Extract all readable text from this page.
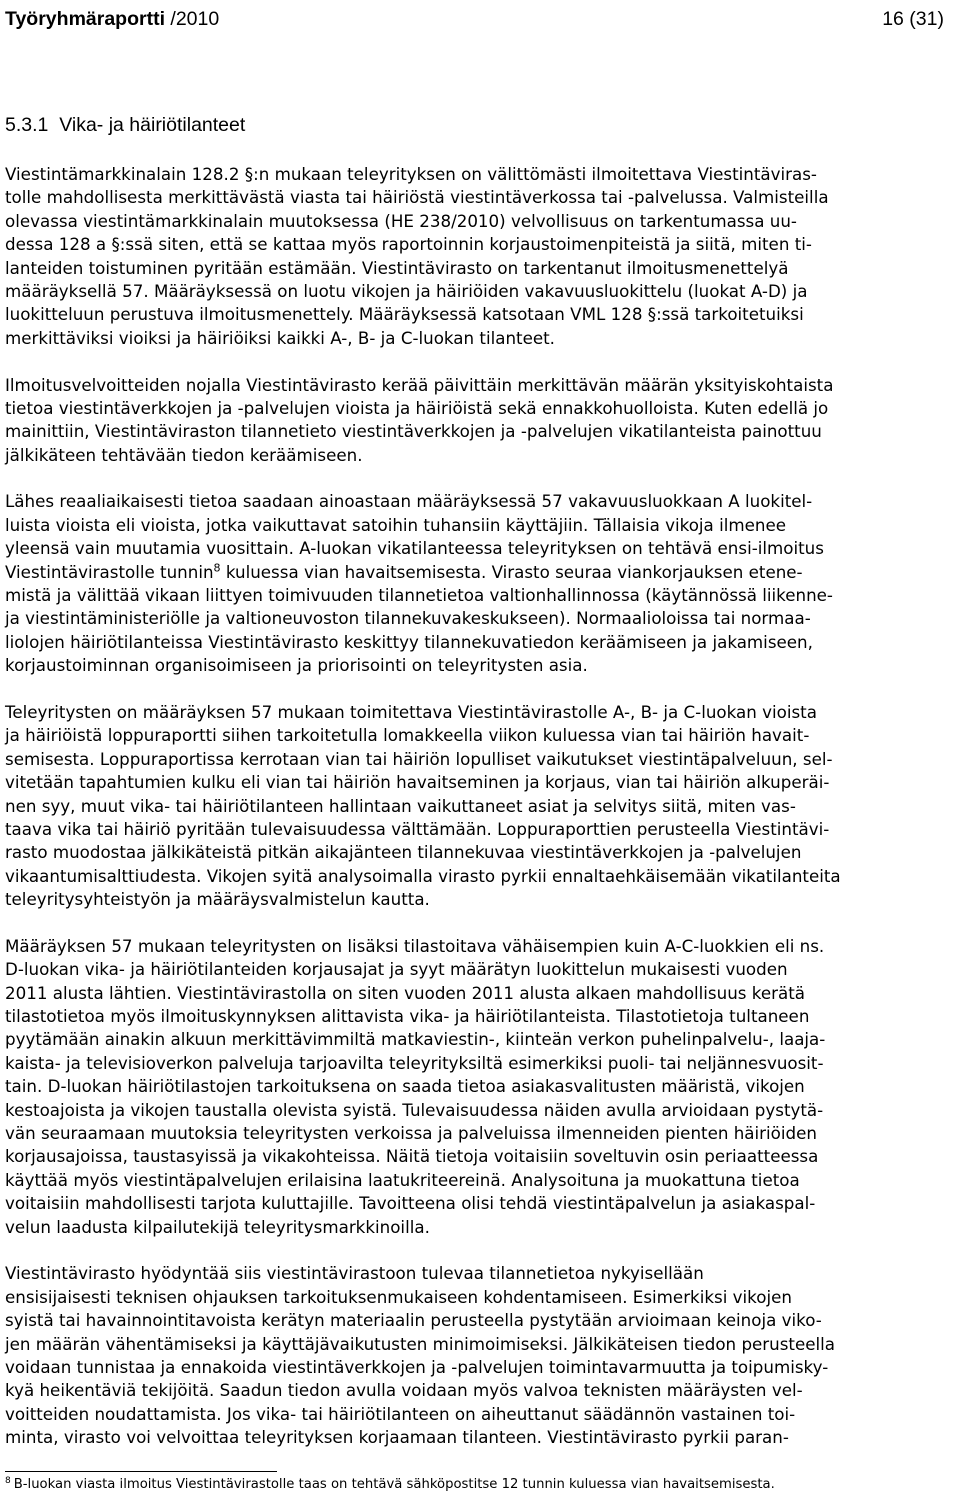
Työryhmäraportti /2010	16 (31)
5.3.1  Vika- ja häiriötilanteet
Viestintämarkkinalain 128.2 §:n mukaan teleyrityksen on välittömästi ilmoitettava Viestintäviras-
tolle mahdollisesta merkittävästä viasta tai häiriöstä viestintäverkossa tai -palvelussa. Valmisteilla
olevassa viestintämarkkinalain muutoksessa (HE 238/2010) velvollisuus on tarkentumassa uu-
dessa 128 a §:ssä siten, että se kattaa myös raportoinnin korjaustoimenpiteistä ja siitä, miten ti-
lanteiden toistuminen pyritään estämään. Viestintävirasto on tarkentanut ilmoitusmenettelyä
määräyksellä 57. Määräyksessä on luotu vikojen ja häiriöiden vakavuusluokittelu (luokat A-D) ja
luokitteluun perustuva ilmoitusmenettely. Määräyksessä katsotaan VML 128 §:ssä tarkoitetuiksi
merkittäviksi vioiksi ja häiriöiksi kaikki A-, B- ja C-luokan tilanteet.
Ilmoitusvelvoitteiden nojalla Viestintävirasto kerää päivittäin merkittävän määrän yksityiskohtaista
tietoa viestintäverkkojen ja -palvelujen vioista ja häiriöistä sekä ennakkohuolloista. Kuten edellä jo
mainittiin, Viestintäviraston tilannetieto viestintäverkkojen ja -palvelujen vikatilanteista painottuu
jälkikäteen tehtävään tiedon keräämiseen.
Lähes reaaliaikaisesti tietoa saadaan ainoastaan määräyksessä 57 vakavuusluokkaan A luokitel-
luista vioista eli vioista, jotka vaikuttavat satoihin tuhansiin käyttäjiin. Tällaisia vikoja ilmenee
yleensä vain muutamia vuosittain. A-luokan vikatilanteessa teleyrityksen on tehtävä ensi-ilmoitus
Viestintävirastolle tunnin$^8$ kuluessa vian havaitsemisesta. Virasto seuraa viankorjauksen etene-
mistä ja välittää vikaan liittyen toimivuuden tilannetietoa valtionhallinnossa (käytännössä liikenne-
ja viestintäministeriölle ja valtioneuvoston tilannekuvakeskukseen). Normaalioloissa tai normaa-
liolojen häiriötilanteissa Viestintävirasto keskittyy tilannekuvatiedon keräämiseen ja jakamiseen,
korjaustoiminnan organisoimiseen ja priorisointi on teleyritysten asia.
Teleyritysten on määräyksen 57 mukaan toimitettava Viestintävirastolle A-, B- ja C-luokan vioista
ja häiriöistä loppuraportti siihen tarkoitetulla lomakkeella viikon kuluessa vian tai häiriön havait-
semisesta. Loppuraportissa kerrotaan vian tai häiriön lopulliset vaikutukset viestintäpalveluun, sel-
vitetään tapahtumien kulku eli vian tai häiriön havaitseminen ja korjaus, vian tai häiriön alkuperäi-
nen syy, muut vika- tai häiriötilanteen hallintaan vaikuttaneet asiat ja selvitys siitä, miten vas-
taava vika tai häiriö pyritään tulevaisuudessa välttämään. Loppuraporttien perusteella Viestintävi-
rasto muodostaa jälkikäteistä pitkän aikajänteen tilannekuvaa viestintäverkkojen ja -palvelujen
vikaantumisalttiudesta. Vikojen syitä analysoimalla virasto pyrkii ennaltaehkäisemään vikatilanteita
teleyritysyhteistyön ja määräysvalmistelun kautta.
Määräyksen 57 mukaan teleyritysten on lisäksi tilastoitava vähäisempien kuin A-C-luokkien eli ns.
D-luokan vika- ja häiriötilanteiden korjausajat ja syyt määrätyn luokittelun mukaisesti vuoden
2011 alusta lähtien. Viestintävirastolla on siten vuoden 2011 alusta alkaen mahdollisuus kerätä
tilastotietoa myös ilmoituskynnyksen alittavista vika- ja häiriötilanteista. Tilastotietoja tultaneen
pyytämään ainakin alkuun merkittävimmiltä matkaviestin-, kiinteän verkon puhelinpalvelu-, laaja-
kaista- ja televisioverkon palveluja tarjoavilta teleyrityksiltä esimerkiksi puoli- tai neljännesvuosit-
tain. D-luokan häiriötilastojen tarkoituksena on saada tietoa asiakasvalitusten määristä, vikojen
kestoajoista ja vikojen taustalla olevista syistä. Tulevaisuudessa näiden avulla arvioidaan pystytä-
vän seuraamaan muutoksia teleyritysten verkoissa ja palveluissa ilmenneiden pienten häiriöiden
korjausajoissa, taustasyissä ja vikakohteissa. Näitä tietoja voitaisiin soveltuvin osin periaatteessa
käyttää myös viestintäpalvelujen erilaisina laatukriteereinä. Analysoituna ja muokattuna tietoa
voitaisiin mahdollisesti tarjota kuluttajille. Tavoitteena olisi tehdä viestintäpalvelun ja asiakaspal-
velun laadusta kilpailutekijä teleyritysmarkkinoilla.
Viestintävirasto hyödyntää siis viestintävirastoon tulevaa tilannetietoa nykyisellään
ensisijaisesti teknisen ohjauksen tarkoituksenmukaiseen kohdentamiseen. Esimerkiksi vikojen
syistä tai havainnointitavoista kerätyn materiaalin perusteella pystytään arvioimaan keinoja viko-
jen määrän vähentämiseksi ja käyttäjävaikutusten minimoimiseksi. Jälkikäteisen tiedon perusteella
voidaan tunnistaa ja ennakoida viestintäverkkojen ja -palvelujen toimintavarmuutta ja toipumisky-
kyä heikentäviä tekijöitä. Saadun tiedon avulla voidaan myös valvoa teknisten määräysten vel-
voitteiden noudattamista. Jos vika- tai häiriötilanteen on aiheuttanut säädännön vastainen toi-
minta, virasto voi velvoittaa teleyrityksen korjaamaan tilanteen. Viestintävirasto pyrkii paran-
$^8$ B-luokan viasta ilmoitus Viestintävirastolle taas on tehtävä sähköpostitse 12 tunnin kuluessa vian havaitsemisesta.
